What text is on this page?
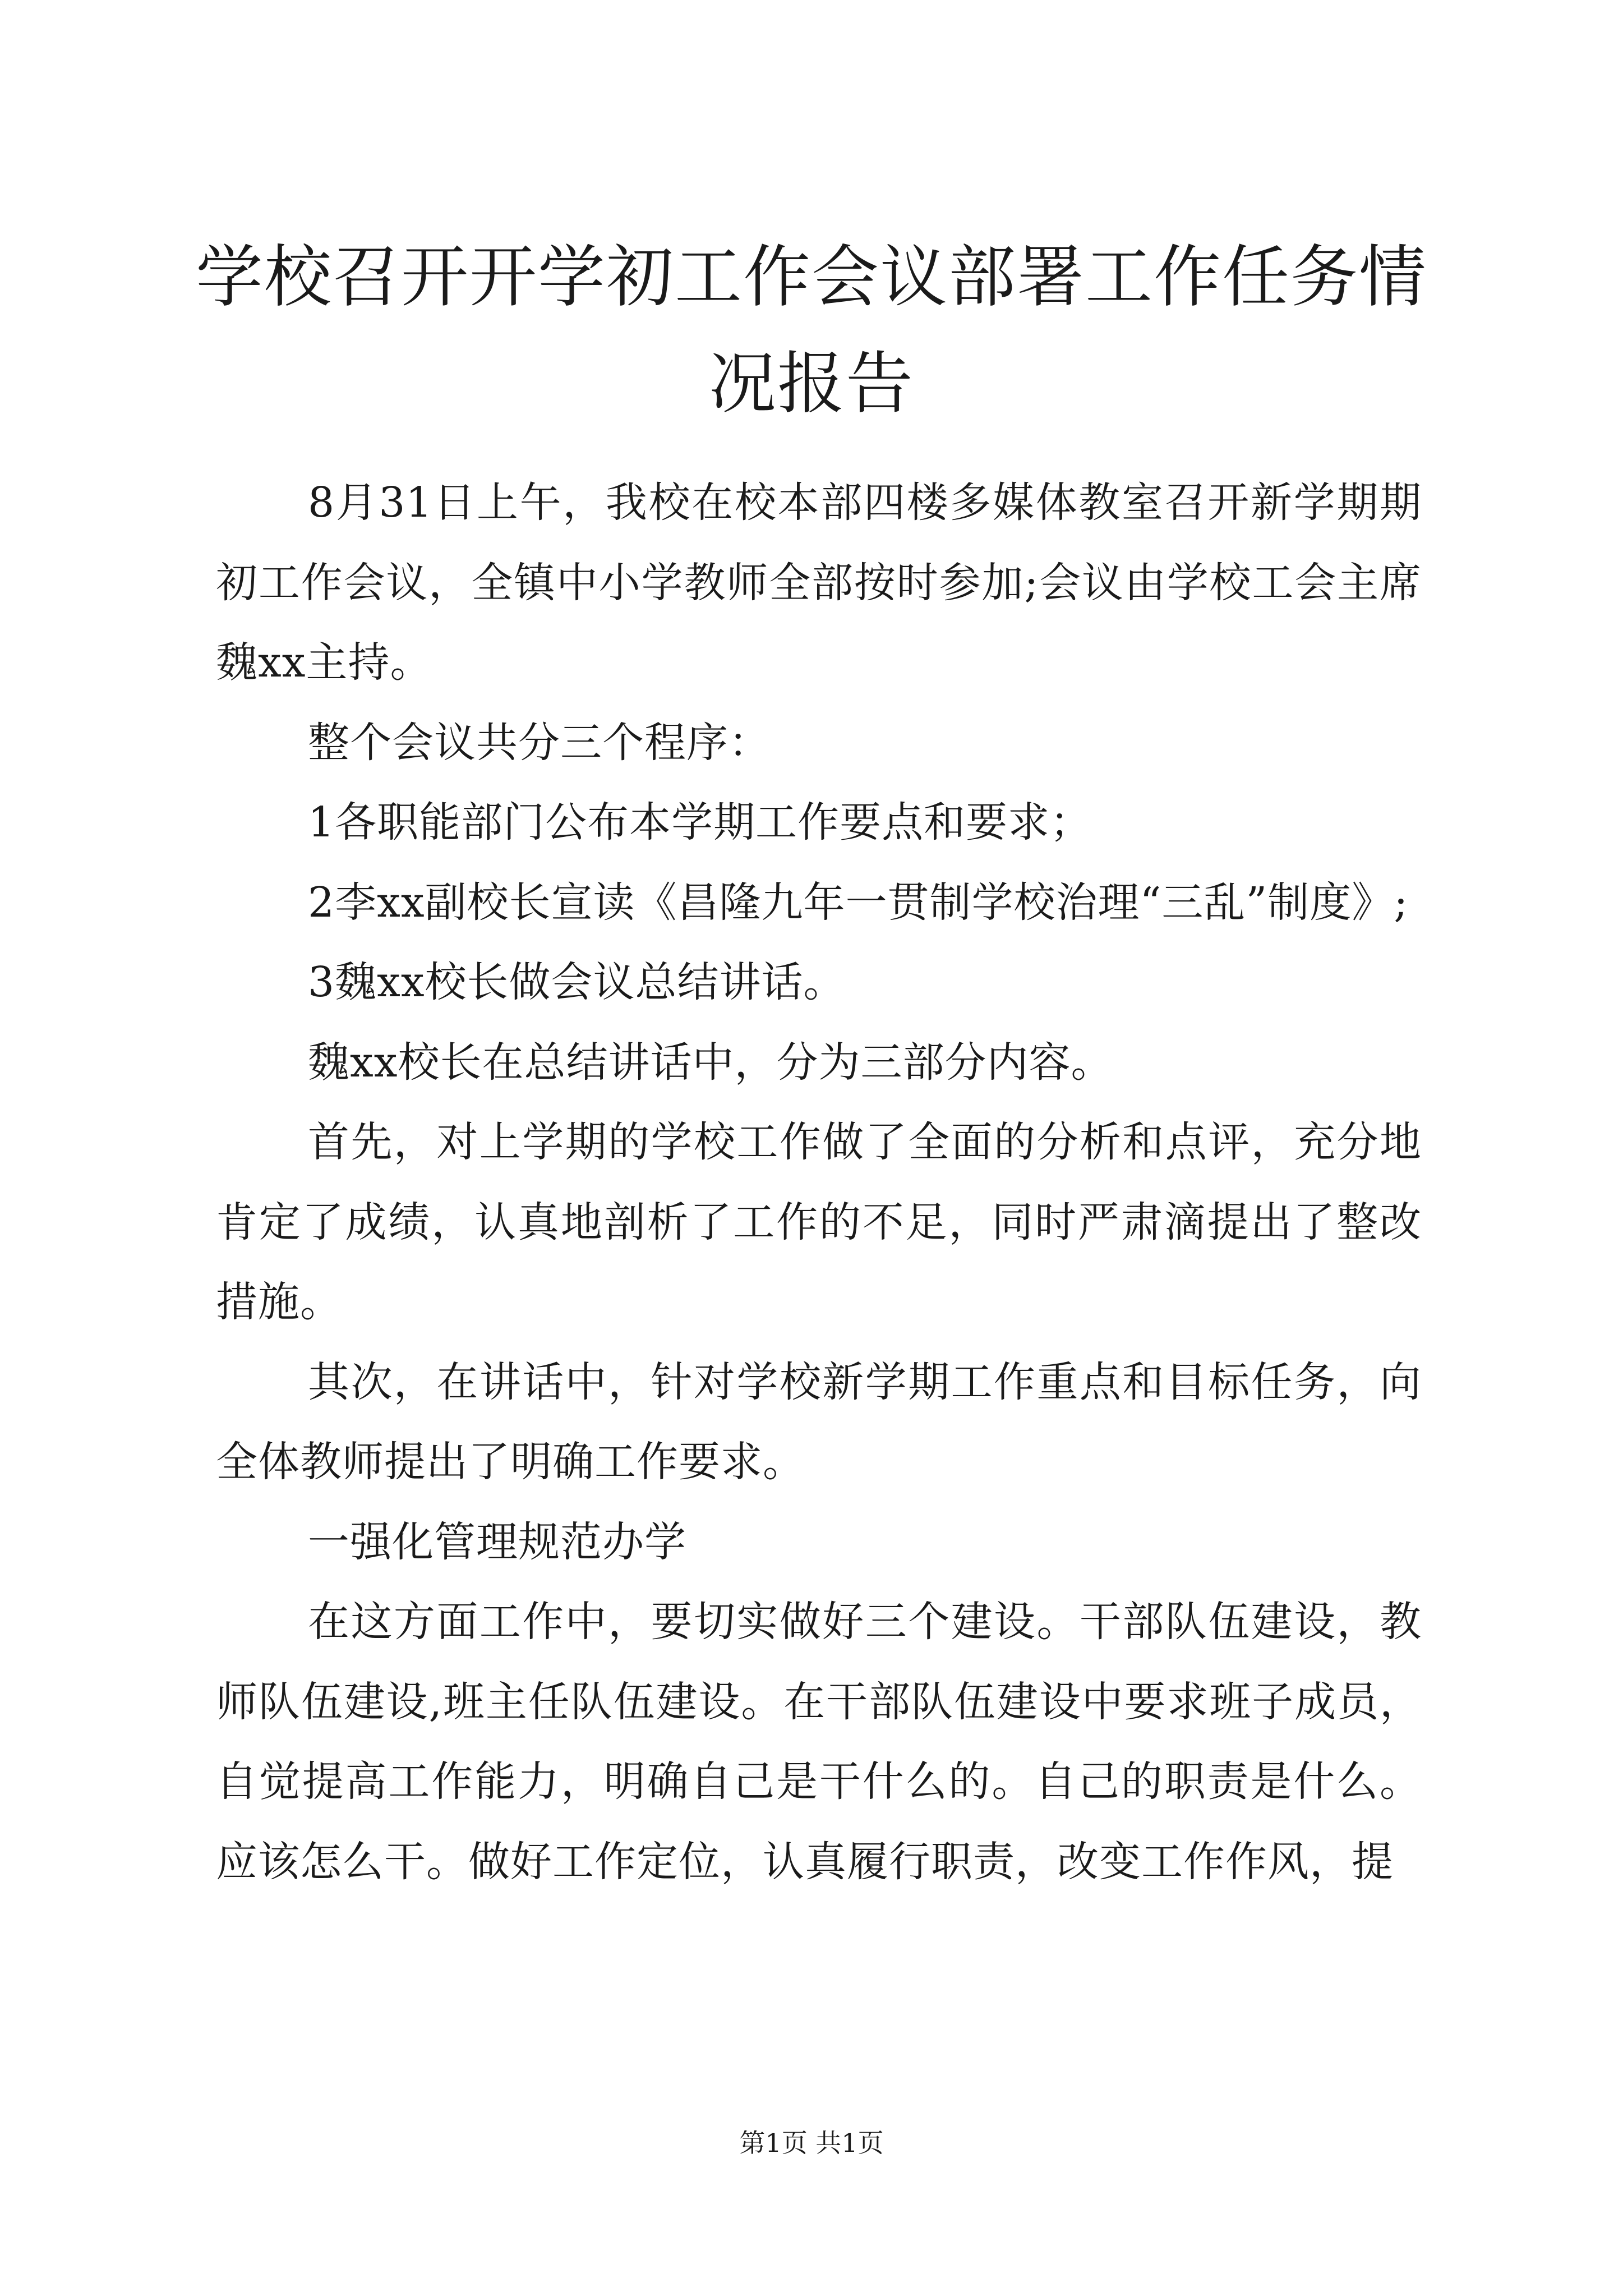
学校召开开学初工作会议部署工作任务情况报告

8月31日上午，我校在校本部四楼多媒体教室召开新学期期初工作会议，全镇中小学教师全部按时参加;会议由学校工会主席魏xx主持。

整个会议共分三个程序：

1各职能部门公布本学期工作要点和要求；

2李xx副校长宣读《昌隆九年一贯制学校治理“三乱”制度》;

3魏xx校长做会议总结讲话。

魏xx校长在总结讲话中，分为三部分内容。

首先，对上学期的学校工作做了全面的分析和点评，充分地肯定了成绩，认真地剖析了工作的不足，同时严肃滴提出了整改措施。

其次，在讲话中，针对学校新学期工作重点和目标任务，向全体教师提出了明确工作要求。

一强化管理规范办学

在这方面工作中，要切实做好三个建设。干部队伍建设，教师队伍建设,班主任队伍建设。在干部队伍建设中要求班子成员，自觉提高工作能力，明确自己是干什么的。自己的职责是什么。应该怎么干。做好工作定位，认真履行职责，改变工作作风，提

第1页 共1页
